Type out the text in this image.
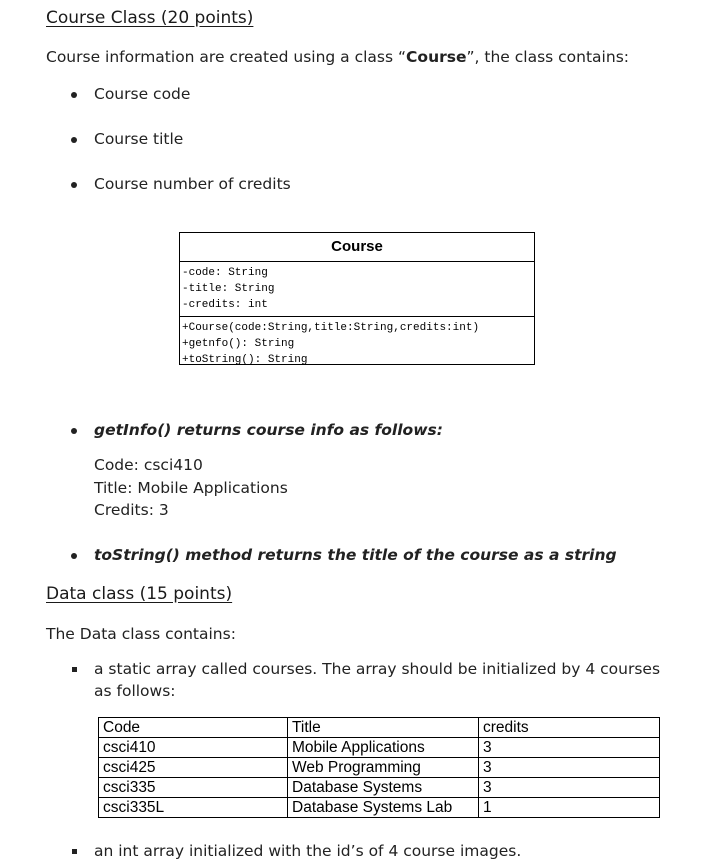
Course Class (20 points)
Course information are created using a class “Course”, the class contains:
Course code
Course title
Course number of credits
Course
-code: String
-title: String
-credits: int
+Course(code:String,title:String,credits:int)
+getnfo(): String
+toString(): String
getInfo() returns course info as follows:
Code: csci410
Title: Mobile Applications
Credits: 3
toString() method returns the title of the course as a string
Data class (15 points)
The Data class contains:
a static array called courses. The array should be initialized by 4 courses
as follows:
Code	Title	credits
csci410	Mobile Applications	3
csci425	Web Programming	3
csci335	Database Systems	3
csci335L	Database Systems Lab	1
an int array initialized with the id’s of 4 course images.
